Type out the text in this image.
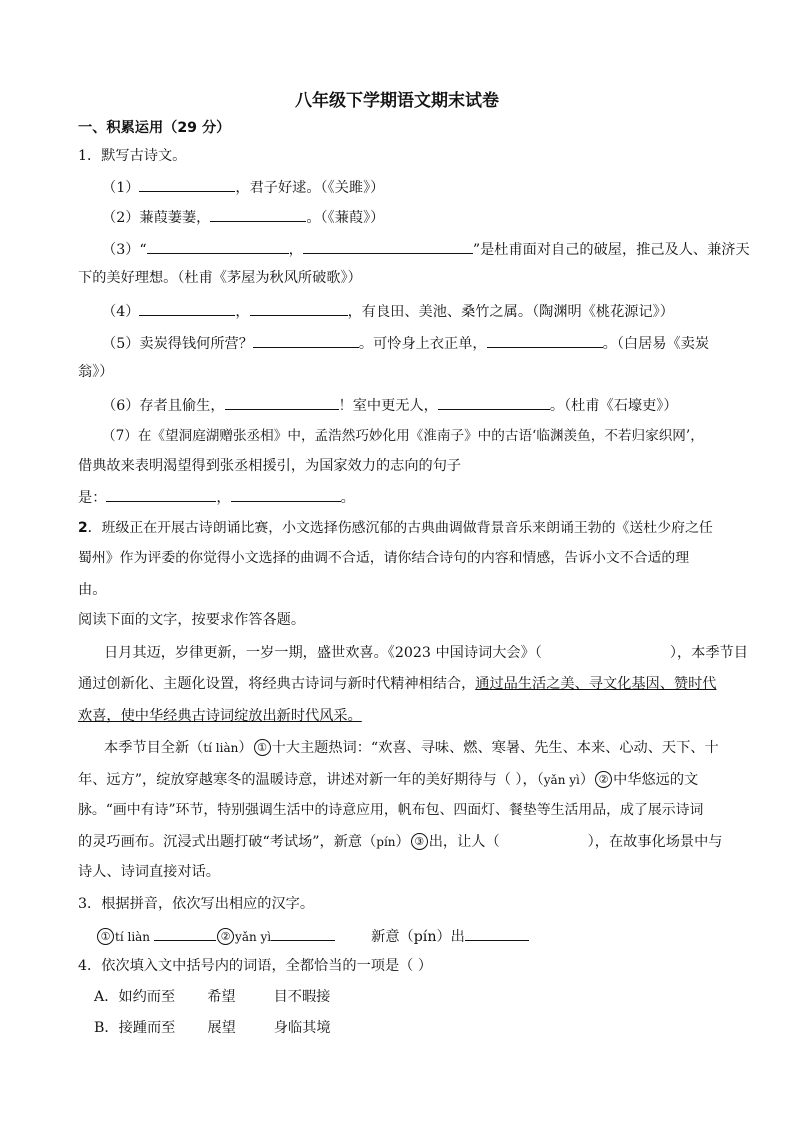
八年级下学期语文期末试卷
一、积累运用（29 分）
1．默写古诗文。
（1）	，君子好逑。（《关雎》）
（2）蒹葭萋萋，	。（《蒹葭》）
（3）“	，	”是杜甫面对自己的破屋，推己及人、兼济天
下的美好理想。（杜甫《茅屋为秋风所破歌》）
（4）	，	，有良田、美池、桑竹之属。（陶渊明《桃花源记》）
（5）卖炭得钱何所营？	。可怜身上衣正单，	。（白居易《卖炭
翁》）
（6）存者且偷生，	！室中更无人，	。（杜甫《石壕吏》）
（7）在《望洞庭湖赠张丞相》中，孟浩然巧妙化用《淮南子》中的古语‘临渊羡鱼，不若归家织网’，
借典故来表明渴望得到张丞相援引，为国家效力的志向的句子
是：	，	。
2．班级正在开展古诗朗诵比赛，小文选择伤感沉郁的古典曲调做背景音乐来朗诵王勃的《送杜少府之任
蜀州》作为评委的你觉得小文选择的曲调不合适，请你结合诗句的内容和情感，告诉小文不合适的理
由。
阅读下面的文字，按要求作答各题。
日月其迈，岁律更新，一岁一期，盛世欢喜。《2023 中国诗词大会》（	），本季节目
通过创新化、主题化设置，将经典古诗词与新时代精神相结合，通过品生活之美、寻文化基因、赞时代
欢喜，使中华经典古诗词绽放出新时代风采。
本季节目全新（tí liàn） ① 十大主题热词：“欢喜、寻味、燃、寒暑、先生、本来、心动、天下、十
年、远方”，绽放穿越寒冬的温暖诗意，讲述对新一年的美好期待与（ ），（yǎn yì） ② 中华悠远的文
脉。“画中有诗”环节，特别强调生活中的诗意应用，帆布包、四面灯、餐垫等生活用品，成了展示诗词
的灵巧画布。沉浸式出题打破“考试场”，新意（pín） ③ 出，让人（	），在故事化场景中与
诗人、诗词直接对话。
3．根据拼音，依次写出相应的汉字。
① tí liàn	② yǎn yì	新意（pín）出
4．依次填入文中括号内的词语，全都恰当的一项是（ ）
A．如约而至 希望	目不暇接
B．接踵而至 展望	身临其境
